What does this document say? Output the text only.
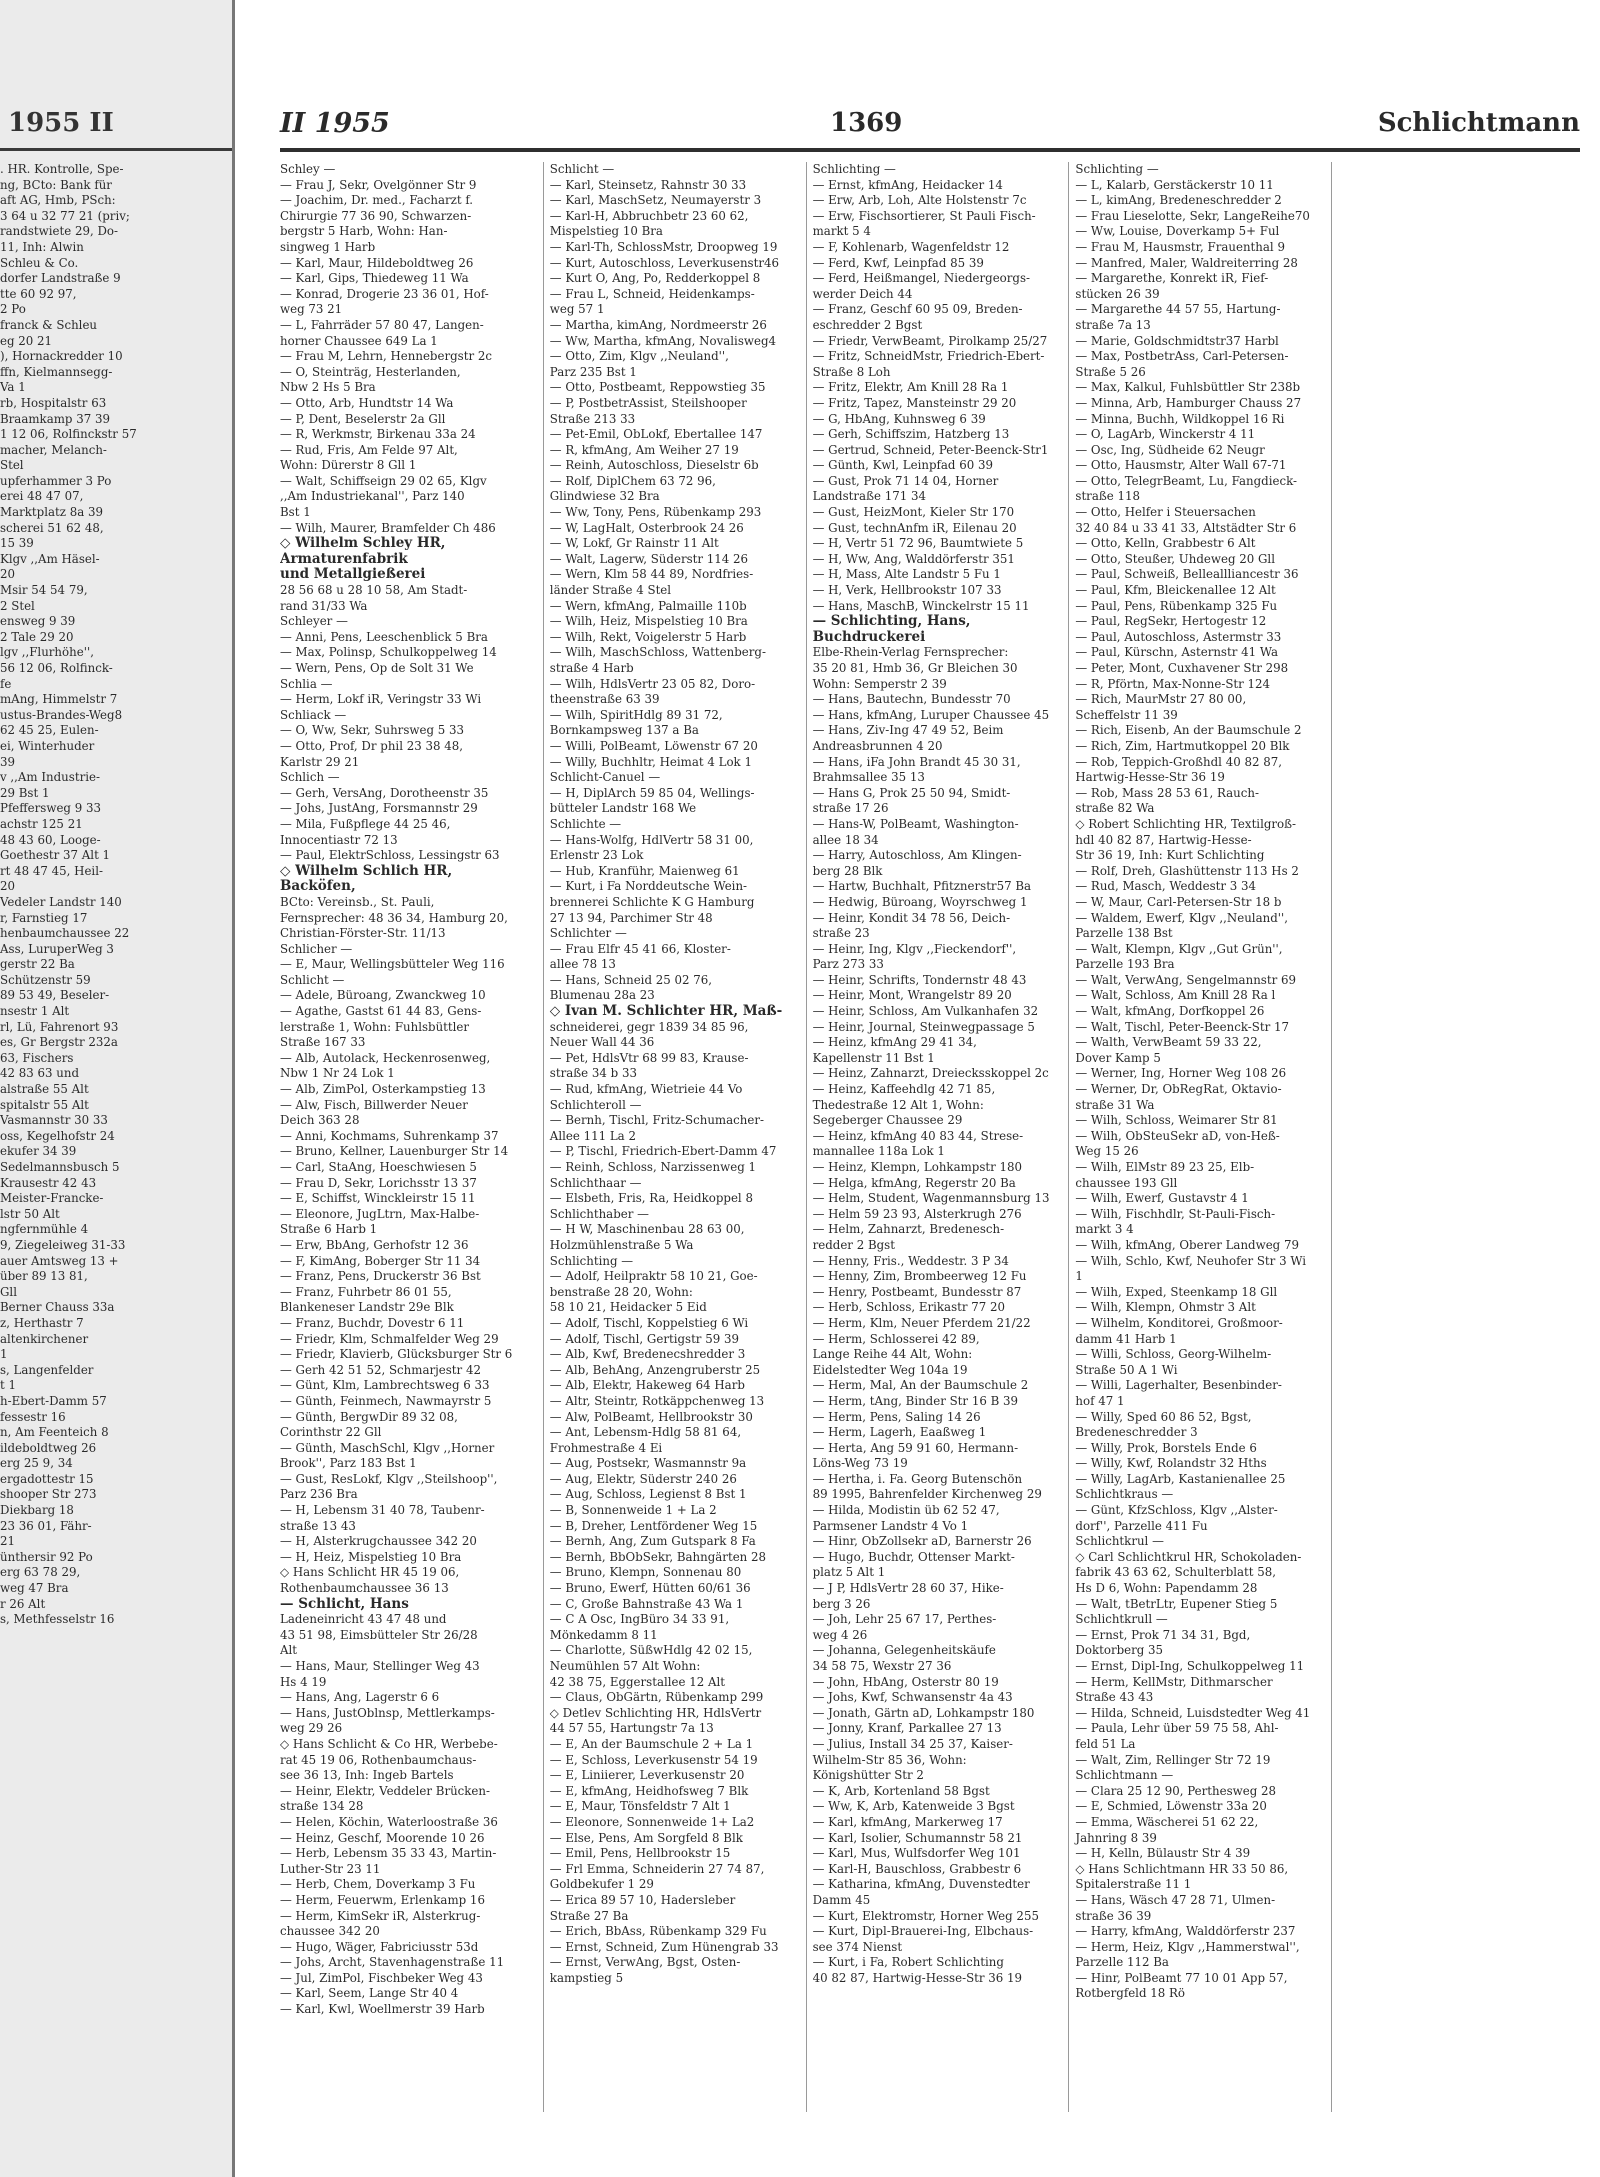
1955 II
. HR. Kontrolle, Spe-
ng, BCto: Bank für
aft AG, Hmb, PSch:
3 64 u 32 77 21 (priv;
randstwiete 29, Do-
11, Inh: Alwin
Schleu & Co.
dorfer Landstraße 9
tte 60 92 97,
2 Po
franck & Schleu
eg 20 21
), Hornackredder 10
ffn, Kielmannsegg-
Va 1
rb, Hospitalstr 63
Braamkamp 37 39
1 12 06, Rolfinckstr 57
macher, Melanch-
Stel
upferhammer 3 Po
erei 48 47 07,
Marktplatz 8a 39
scherei 51 62 48,
15 39
Klgv ,,Am Häsel-
20
Msir 54 54 79,
2 Stel
ensweg 9 39
2 Tale 29 20
lgv ,,Flurhöhe'',
56 12 06, Rolfinck-
fe
mAng, Himmelstr 7
ustus-Brandes-Weg8
62 45 25, Eulen-
ei, Winterhuder
39
v ,,Am Industrie-
29 Bst 1
Pfeffersweg 9 33
achstr 125 21
48 43 60, Looge-
Goethestr 37 Alt 1
rt 48 47 45, Heil-
20
Vedeler Landstr 140
r, Farnstieg 17
henbaumchaussee 22
Ass, LuruperWeg 3
gerstr 22 Ba
Schützenstr 59
89 53 49, Beseler-
nsestr 1 Alt
rl, Lü, Fahrenort 93
es, Gr Bergstr 232a
63, Fischers
42 83 63 und
alstraße 55 Alt
spitalstr 55 Alt
Vasmannstr 30 33
oss, Kegelhofstr 24
ekufer 34 39
Sedelmannsbusch 5
Krausestr 42 43
Meister-Francke-
lstr 50 Alt
ngfernmühle 4
9, Ziegeleiweg 31-33
auer Amtsweg 13 +
über 89 13 81,
Gll
Berner Chauss 33a
z, Herthastr 7
altenkirchener
1
s, Langenfelder
t 1
h-Ebert-Damm 57
fessestr 16
n, Am Feenteich 8
ildeboldtweg 26
erg 25 9, 34
ergadottestr 15
shooper Str 273
Diekbarg 18
23 36 01, Fähr-
21
ünthersir 92 Po
erg 63 78 29,
weg 47 Bra
r 26 Alt
s, Methfesselstr 16
II 1955	1369	Schlichtmann
Schley —
— Frau J, Sekr, Ovelgönner Str 9
— Joachim, Dr. med., Facharzt f.
Chirurgie 77 36 90, Schwarzen-
bergstr 5 Harb, Wohn: Han-
singweg 1 Harb
— Karl, Maur, Hildeboldtweg 26
— Karl, Gips, Thiedeweg 11 Wa
— Konrad, Drogerie 23 36 01, Hof-
weg 73 21
— L, Fahrräder 57 80 47, Langen-
horner Chaussee 649 La 1
— Frau M, Lehrn, Hennebergstr 2c
— O, Steinträg, Hesterlanden,
Nbw 2 Hs 5 Bra
— Otto, Arb, Hundtstr 14 Wa
— P, Dent, Beselerstr 2a Gll
— R, Werkmstr, Birkenau 33a 24
— Rud, Fris, Am Felde 97 Alt,
Wohn: Dürerstr 8 Gll 1
— Walt, Schiffseign 29 02 65, Klgv
,,Am Industriekanal'', Parz 140
Bst 1
— Wilh, Maurer, Bramfelder Ch 486
◇ Wilhelm Schley HR,
Armaturenfabrik
und Metallgießerei
28 56 68 u 28 10 58, Am Stadt-
rand 31/33 Wa
Schleyer —
— Anni, Pens, Leeschenblick 5 Bra
— Max, Polinsp, Schulkoppelweg 14
— Wern, Pens, Op de Solt 31 We
Schlia —
— Herm, Lokf iR, Veringstr 33 Wi
Schliack —
— O, Ww, Sekr, Suhrsweg 5 33
— Otto, Prof, Dr phil 23 38 48,
Karlstr 29 21
Schlich —
— Gerh, VersAng, Dorotheenstr 35
— Johs, JustAng, Forsmannstr 29
— Mila, Fußpflege 44 25 46,
Innocentiastr 72 13
— Paul, ElektrSchloss, Lessingstr 63
◇ Wilhelm Schlich HR, Backöfen,
BCto: Vereinsb., St. Pauli,
Fernsprecher: 48 36 34, Hamburg 20,
Christian-Förster-Str. 11/13
Schlicher —
— E, Maur, Wellingsbütteler Weg 116
Schlicht —
— Adele, Büroang, Zwanckweg 10
— Agathe, Gastst 61 44 83, Gens-
lerstraße 1, Wohn: Fuhlsbüttler
Straße 167 33
— Alb, Autolack, Heckenrosenweg,
Nbw 1 Nr 24 Lok 1
— Alb, ZimPol, Osterkampstieg 13
— Alw, Fisch, Billwerder Neuer
Deich 363 28
— Anni, Kochmams, Suhrenkamp 37
— Bruno, Kellner, Lauenburger Str 14
— Carl, StaAng, Hoeschwiesen 5
— Frau D, Sekr, Lorichsstr 13 37
— E, Schiffst, Winckleirstr 15 11
— Eleonore, JugLtrn, Max-Halbe-
Straße 6 Harb 1
— Erw, BbAng, Gerhofstr 12 36
— F, KimAng, Boberger Str 11 34
— Franz, Pens, Druckerstr 36 Bst
— Franz, Fuhrbetr 86 01 55,
Blankeneser Landstr 29e Blk
— Franz, Buchdr, Dovestr 6 11
— Friedr, Klm, Schmalfelder Weg 29
— Friedr, Klavierb, Glücksburger Str 6
— Gerh 42 51 52, Schmarjestr 42
— Günt, Klm, Lambrechtsweg 6 33
— Günth, Feinmech, Nawmayrstr 5
— Günth, BergwDir 89 32 08,
Corinthstr 22 Gll
— Günth, MaschSchl, Klgv ,,Horner
Brook'', Parz 183 Bst 1
— Gust, ResLokf, Klgv ,,Steilshoop'',
Parz 236 Bra
— H, Lebensm 31 40 78, Taubenr-
straße 13 43
— H, Alsterkrugchaussee 342 20
— H, Heiz, Mispelstieg 10 Bra
◇ Hans Schlicht HR 45 19 06,
Rothenbaumchaussee 36 13
— Schlicht, Hans
Ladeneinricht 43 47 48 und
43 51 98, Eimsbütteler Str 26/28
Alt
— Hans, Maur, Stellinger Weg 43
Hs 4 19
— Hans, Ang, Lagerstr 6 6
— Hans, JustOblnsp, Mettlerkamps-
weg 29 26
◇ Hans Schlicht & Co HR, Werbebe-
rat 45 19 06, Rothenbaumchaus-
see 36 13, Inh: Ingeb Bartels
— Heinr, Elektr, Veddeler Brücken-
straße 134 28
— Helen, Köchin, Waterloostraße 36
— Heinz, Geschf, Moorende 10 26
— Herb, Lebensm 35 33 43, Martin-
Luther-Str 23 11
— Herb, Chem, Doverkamp 3 Fu
— Herm, Feuerwm, Erlenkamp 16
— Herm, KimSekr iR, Alsterkrug-
chaussee 342 20
— Hugo, Wäger, Fabriciusstr 53d
— Johs, Archt, Stavenhagenstraße 11
— Jul, ZimPol, Fischbeker Weg 43
— Karl, Seem, Lange Str 40 4
— Karl, Kwl, Woellmerstr 39 Harb
Schlicht —
— Karl, Steinsetz, Rahnstr 30 33
— Karl, MaschSetz, Neumayerstr 3
— Karl-H, Abbruchbetr 23 60 62,
Mispelstieg 10 Bra
— Karl-Th, SchlossMstr, Droopweg 19
— Kurt, Autoschloss, Leverkusenstr46
— Kurt O, Ang, Po, Redderkoppel 8
— Frau L, Schneid, Heidenkamps-
weg 57 1
— Martha, kimAng, Nordmeerstr 26
— Ww, Martha, kfmAng, Novalisweg4
— Otto, Zim, Klgv ,,Neuland'',
Parz 235 Bst 1
— Otto, Postbeamt, Reppowstieg 35
— P, PostbetrAssist, Steilshooper
Straße 213 33
— Pet-Emil, ObLokf, Ebertallee 147
— R, kfmAng, Am Weiher 27 19
— Reinh, Autoschloss, Dieselstr 6b
— Rolf, DiplChem 63 72 96,
Glindwiese 32 Bra
— Ww, Tony, Pens, Rübenkamp 293
— W, LagHalt, Osterbrook 24 26
— W, Lokf, Gr Rainstr 11 Alt
— Walt, Lagerw, Süderstr 114 26
— Wern, Klm 58 44 89, Nordfries-
länder Straße 4 Stel
— Wern, kfmAng, Palmaille 110b
— Wilh, Heiz, Mispelstieg 10 Bra
— Wilh, Rekt, Voigelerstr 5 Harb
— Wilh, MaschSchloss, Wattenberg-
straße 4 Harb
— Wilh, HdlsVertr 23 05 82, Doro-
theenstraße 63 39
— Wilh, SpiritHdlg 89 31 72,
Bornkampsweg 137 a Ba
— Willi, PolBeamt, Löwenstr 67 20
— Willy, Buchhltr, Heimat 4 Lok 1
Schlicht-Canuel —
— H, DiplArch 59 85 04, Wellings-
bütteler Landstr 168 We
Schlichte —
— Hans-Wolfg, HdlVertr 58 31 00,
Erlenstr 23 Lok
— Hub, Kranführ, Maienweg 61
— Kurt, i Fa Norddeutsche Wein-
brennerei Schlichte K G Hamburg
27 13 94, Parchimer Str 48
Schlichter —
— Frau Elfr 45 41 66, Kloster-
allee 78 13
— Hans, Schneid 25 02 76,
Blumenau 28a 23
◇ Ivan M. Schlichter HR, Maß-
schneiderei, gegr 1839 34 85 96,
Neuer Wall 44 36
— Pet, HdlsVtr 68 99 83, Krause-
straße 34 b 33
— Rud, kfmAng, Wietrieie 44 Vo
Schlichteroll —
— Bernh, Tischl, Fritz-Schumacher-
Allee 111 La 2
— P, Tischl, Friedrich-Ebert-Damm 47
— Reinh, Schloss, Narzissenweg 1
Schlichthaar —
— Elsbeth, Fris, Ra, Heidkoppel 8
Schlichthaber —
— H W, Maschinenbau 28 63 00,
Holzmühlenstraße 5 Wa
Schlichting —
— Adolf, Heilpraktr 58 10 21, Goe-
benstraße 28 20, Wohn:
58 10 21, Heidacker 5 Eid
— Adolf, Tischl, Koppelstieg 6 Wi
— Adolf, Tischl, Gertigstr 59 39
— Alb, Kwf, Bredenecshredder 3
— Alb, BehAng, Anzengruberstr 25
— Alb, Elektr, Hakeweg 64 Harb
— Altr, Steintr, Rotkäppchenweg 13
— Alw, PolBeamt, Hellbrookstr 30
— Ant, Lebensm-Hdlg 58 81 64,
Frohmestraße 4 Ei
— Aug, Postsekr, Wasmannstr 9a
— Aug, Elektr, Süderstr 240 26
— Aug, Schloss, Legienst 8 Bst 1
— B, Sonnenweide 1 + La 2
— B, Dreher, Lentfördener Weg 15
— Bernh, Ang, Zum Gutspark 8 Fa
— Bernh, BbObSekr, Bahngärten 28
— Bruno, Klempn, Sonnenau 80
— Bruno, Ewerf, Hütten 60/61 36
— C, Große Bahnstraße 43 Wa 1
— C A Osc, IngBüro 34 33 91,
Mönkedamm 8 11
— Charlotte, SüßwHdlg 42 02 15,
Neumühlen 57 Alt Wohn:
42 38 75, Eggerstallee 12 Alt
— Claus, ObGärtn, Rübenkamp 299
◇ Detlev Schlichting HR, HdlsVertr
44 57 55, Hartungstr 7a 13
— E, An der Baumschule 2 + La 1
— E, Schloss, Leverkusenstr 54 19
— E, Liniierer, Leverkusenstr 20
— E, kfmAng, Heidhofsweg 7 Blk
— E, Maur, Tönsfeldstr 7 Alt 1
— Eleonore, Sonnenweide 1+ La2
— Else, Pens, Am Sorgfeld 8 Blk
— Emil, Pens, Hellbrookstr 15
— Frl Emma, Schneiderin 27 74 87,
Goldbekufer 1 29
— Erica 89 57 10, Hadersleber
Straße 27 Ba
— Erich, BbAss, Rübenkamp 329 Fu
— Ernst, Schneid, Zum Hünengrab 33
— Ernst, VerwAng, Bgst, Osten-
kampstieg 5
Schlichting —
— Ernst, kfmAng, Heidacker 14
— Erw, Arb, Loh, Alte Holstenstr 7c
— Erw, Fischsortierer, St Pauli Fisch-
markt 5 4
— F, Kohlenarb, Wagenfeldstr 12
— Ferd, Kwf, Leinpfad 85 39
— Ferd, Heißmangel, Niedergeorgs-
werder Deich 44
— Franz, Geschf 60 95 09, Breden-
eschredder 2 Bgst
— Friedr, VerwBeamt, Pirolkamp 25/27
— Fritz, SchneidMstr, Friedrich-Ebert-
Straße 8 Loh
— Fritz, Elektr, Am Knill 28 Ra 1
— Fritz, Tapez, Mansteinstr 29 20
— G, HbAng, Kuhnsweg 6 39
— Gerh, Schiffszim, Hatzberg 13
— Gertrud, Schneid, Peter-Beenck-Str1
— Günth, Kwl, Leinpfad 60 39
— Gust, Prok 71 14 04, Horner
Landstraße 171 34
— Gust, HeizMont, Kieler Str 170
— Gust, technAnfm iR, Eilenau 20
— H, Vertr 51 72 96, Baumtwiete 5
— H, Ww, Ang, Walddörferstr 351
— H, Mass, Alte Landstr 5 Fu 1
— H, Verk, Hellbrookstr 107 33
— Hans, MaschB, Winckelrstr 15 11
— Schlichting, Hans, Buchdruckerei
Elbe-Rhein-Verlag Fernsprecher:
35 20 81, Hmb 36, Gr Bleichen 30
Wohn: Semperstr 2 39
— Hans, Bautechn, Bundesstr 70
— Hans, kfmAng, Luruper Chaussee 45
— Hans, Ziv-Ing 47 49 52, Beim
Andreasbrunnen 4 20
— Hans, iFa John Brandt 45 30 31,
Brahmsallee 35 13
— Hans G, Prok 25 50 94, Smidt-
straße 17 26
— Hans-W, PolBeamt, Washington-
allee 18 34
— Harry, Autoschloss, Am Klingen-
berg 28 Blk
— Hartw, Buchhalt, Pfitznerstr57 Ba
— Hedwig, Büroang, Woyrschweg 1
— Heinr, Kondit 34 78 56, Deich-
straße 23
— Heinr, Ing, Klgv ,,Fieckendorf'',
Parz 273 33
— Heinr, Schrifts, Tondernstr 48 43
— Heinr, Mont, Wrangelstr 89 20
— Heinr, Schloss, Am Vulkanhafen 32
— Heinr, Journal, Steinwegpassage 5
— Heinz, kfmAng 29 41 34,
Kapellenstr 11 Bst 1
— Heinz, Zahnarzt, Dreiecksskoppel 2c
— Heinz, Kaffeehdlg 42 71 85,
Thedestraße 12 Alt 1, Wohn:
Segeberger Chaussee 29
— Heinz, kfmAng 40 83 44, Strese-
mannallee 118a Lok 1
— Heinz, Klempn, Lohkampstr 180
— Helga, kfmAng, Regerstr 20 Ba
— Helm, Student, Wagenmannsburg 13
— Helm 59 23 93, Alsterkrugh 276
— Helm, Zahnarzt, Bredenesch-
redder 2 Bgst
— Henny, Fris., Weddestr. 3 P 34
— Henny, Zim, Brombeerweg 12 Fu
— Henry, Postbeamt, Bundesstr 87
— Herb, Schloss, Erikastr 77 20
— Herm, Klm, Neuer Pferdem 21/22
— Herm, Schlosserei 42 89,
Lange Reihe 44 Alt, Wohn:
Eidelstedter Weg 104a 19
— Herm, Mal, An der Baumschule 2
— Herm, tAng, Binder Str 16 B 39
— Herm, Pens, Saling 14 26
— Herm, Lagerh, Eaaßweg 1
— Herta, Ang 59 91 60, Hermann-
Löns-Weg 73 19
— Hertha, i. Fa. Georg Butenschön
89 1995, Bahrenfelder Kirchenweg 29
— Hilda, Modistin üb 62 52 47,
Parmsener Landstr 4 Vo 1
— Hinr, ObZollsekr aD, Barnerstr 26
— Hugo, Buchdr, Ottenser Markt-
platz 5 Alt 1
— J P, HdlsVertr 28 60 37, Hike-
berg 3 26
— Joh, Lehr 25 67 17, Perthes-
weg 4 26
— Johanna, Gelegenheitskäufe
34 58 75, Wexstr 27 36
— John, HbAng, Osterstr 80 19
— Johs, Kwf, Schwansenstr 4a 43
— Jonath, Gärtn aD, Lohkampstr 180
— Jonny, Kranf, Parkallee 27 13
— Julius, Install 34 25 37, Kaiser-
Wilhelm-Str 85 36, Wohn:
Königshütter Str 2
— K, Arb, Kortenland 58 Bgst
— Ww, K, Arb, Katenweide 3 Bgst
— Karl, kfmAng, Markerweg 17
— Karl, Isolier, Schumannstr 58 21
— Karl, Mus, Wulfsdorfer Weg 101
— Karl-H, Bauschloss, Grabbestr 6
— Katharina, kfmAng, Duvenstedter
Damm 45
— Kurt, Elektromstr, Horner Weg 255
— Kurt, Dipl-Brauerei-Ing, Elbchaus-
see 374 Nienst
— Kurt, i Fa, Robert Schlichting
40 82 87, Hartwig-Hesse-Str 36 19
Schlichting —
— L, Kalarb, Gerstäckerstr 10 11
— L, kimAng, Bredeneschredder 2
— Frau Lieselotte, Sekr, LangeReihe70
— Ww, Louise, Doverkamp 5+ Ful
— Frau M, Hausmstr, Frauenthal 9
— Manfred, Maler, Waldreiterring 28
— Margarethe, Konrekt iR, Fief-
stücken 26 39
— Margarethe 44 57 55, Hartung-
straße 7a 13
— Marie, Goldschmidtstr37 Harbl
— Max, PostbetrAss, Carl-Petersen-
Straße 5 26
— Max, Kalkul, Fuhlsbüttler Str 238b
— Minna, Arb, Hamburger Chauss 27
— Minna, Buchh, Wildkoppel 16 Ri
— O, LagArb, Winckerstr 4 11
— Osc, Ing, Südheide 62 Neugr
— Otto, Hausmstr, Alter Wall 67-71
— Otto, TelegrBeamt, Lu, Fangdieck-
straße 118
— Otto, Helfer i Steuersachen
32 40 84 u 33 41 33, Altstädter Str 6
— Otto, Kelln, Grabbestr 6 Alt
— Otto, Steußer, Uhdeweg 20 Gll
— Paul, Schweiß, Belleallliancestr 36
— Paul, Kfm, Bleickenallee 12 Alt
— Paul, Pens, Rübenkamp 325 Fu
— Paul, RegSekr, Hertogestr 12
— Paul, Autoschloss, Astermstr 33
— Paul, Kürschn, Asternstr 41 Wa
— Peter, Mont, Cuxhavener Str 298
— R, Pförtn, Max-Nonne-Str 124
— Rich, MaurMstr 27 80 00,
Scheffelstr 11 39
— Rich, Eisenb, An der Baumschule 2
— Rich, Zim, Hartmutkoppel 20 Blk
— Rob, Teppich-Großhdl 40 82 87,
Hartwig-Hesse-Str 36 19
— Rob, Mass 28 53 61, Rauch-
straße 82 Wa
◇ Robert Schlichting HR, Textilgroß-
hdl 40 82 87, Hartwig-Hesse-
Str 36 19, Inh: Kurt Schlichting
— Rolf, Dreh, Glashüttenstr 113 Hs 2
— Rud, Masch, Weddestr 3 34
— W, Maur, Carl-Petersen-Str 18 b
— Waldem, Ewerf, Klgv ,,Neuland'',
Parzelle 138 Bst
— Walt, Klempn, Klgv ,,Gut Grün'',
Parzelle 193 Bra
— Walt, VerwAng, Sengelmannstr 69
— Walt, Schloss, Am Knill 28 Ra l
— Walt, kfmAng, Dorfkoppel 26
— Walt, Tischl, Peter-Beenck-Str 17
— Walth, VerwBeamt 59 33 22,
Dover Kamp 5
— Werner, Ing, Horner Weg 108 26
— Werner, Dr, ObRegRat, Oktavio-
straße 31 Wa
— Wilh, Schloss, Weimarer Str 81
— Wilh, ObSteuSekr aD, von-Heß-
Weg 15 26
— Wilh, ElMstr 89 23 25, Elb-
chaussee 193 Gll
— Wilh, Ewerf, Gustavstr 4 1
— Wilh, Fischhdlr, St-Pauli-Fisch-
markt 3 4
— Wilh, kfmAng, Oberer Landweg 79
— Wilh, Schlo, Kwf, Neuhofer Str 3 Wi 1
— Wilh, Exped, Steenkamp 18 Gll
— Wilh, Klempn, Ohmstr 3 Alt
— Wilhelm, Konditorei, Großmoor-
damm 41 Harb 1
— Willi, Schloss, Georg-Wilhelm-
Straße 50 A 1 Wi
— Willi, Lagerhalter, Besenbinder-
hof 47 1
— Willy, Sped 60 86 52, Bgst,
Bredeneschredder 3
— Willy, Prok, Borstels Ende 6
— Willy, Kwf, Rolandstr 32 Hths
— Willy, LagArb, Kastanienallee 25
Schlichtkraus —
— Günt, KfzSchloss, Klgv ,,Alster-
dorf'', Parzelle 411 Fu
Schlichtkrul —
◇ Carl Schlichtkrul HR, Schokoladen-
fabrik 43 63 62, Schulterblatt 58,
Hs D 6, Wohn: Papendamm 28
— Walt, tBetrLtr, Eupener Stieg 5
Schlichtkrull —
— Ernst, Prok 71 34 31, Bgd,
Doktorberg 35
— Ernst, Dipl-Ing, Schulkoppelweg 11
— Herm, KellMstr, Dithmarscher
Straße 43 43
— Hilda, Schneid, Luisdstedter Weg 41
— Paula, Lehr über 59 75 58, Ahl-
feld 51 La
— Walt, Zim, Rellinger Str 72 19
Schlichtmann —
— Clara 25 12 90, Perthesweg 28
— E, Schmied, Löwenstr 33a 20
— Emma, Wäscherei 51 62 22,
Jahnring 8 39
— H, Kelln, Bülaustr Str 4 39
◇ Hans Schlichtmann HR 33 50 86,
Spitalerstraße 11 1
— Hans, Wäsch 47 28 71, Ulmen-
straße 36 39
— Harry, kfmAng, Walddörferstr 237
— Herm, Heiz, Klgv ,,Hammerstwal'',
Parzelle 112 Ba
— Hinr, PolBeamt 77 10 01 App 57,
Rotbergfeld 18 Rö
